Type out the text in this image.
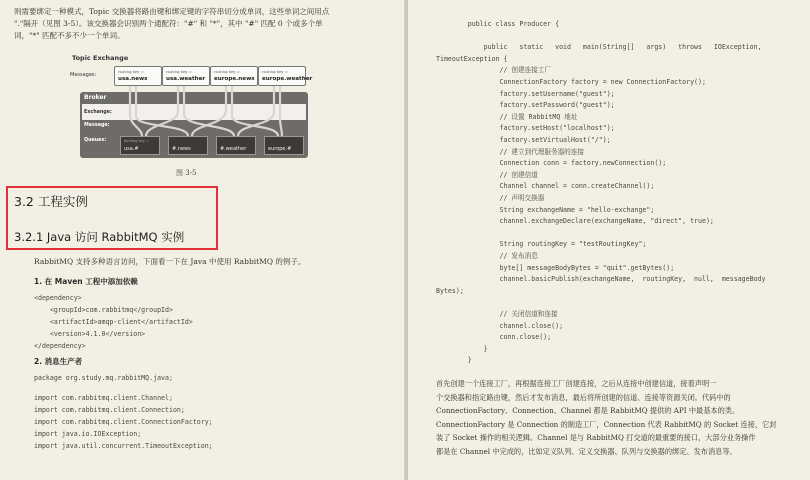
则需要绑定一种模式，Topic 交换器将路由键和绑定键的字符串切分成单词，这些单词之间用点
"."隔开（见图 3-5）。该交换器会识别两个通配符："#" 和 "*"，其中 "#" 匹配 0 个或多个单
词，"*" 匹配不多不少一个单词。
Topic Exchange
Messages:
routing key =
usa.news
routing key =
usa.weather
routing key =
europe.news
routing key =
europe.weather
Broker
Exchange:
Message:
Queues:	binding key =
usa.#	#.news	#.weather	europe.#
图 3-5
3.2 工程实例
3.2.1 Java 访问 RabbitMQ 实例
RabbitMQ 支持多种语言访问，下面看一下在 Java 中使用 RabbitMQ 的例子。
1. 在 Maven 工程中添加依赖
<dependency>
<groupId>com.rabbitmq</groupId>
<artifactId>amqp-client</artifactId>
<version>4.1.0</version>
</dependency>
2. 消息生产者
package org.study.mq.rabbitMQ.java;
import com.rabbitmq.client.Channel;
import com.rabbitmq.client.Connection;
import com.rabbitmq.client.ConnectionFactory;
import java.io.IOException;
import java.util.concurrent.TimeoutException;
public class Producer {
public   static   void   main(String[]   args)   throws   IOException,
TimeoutException {
// 创建连接工厂
ConnectionFactory factory = new ConnectionFactory();
factory.setUsername("guest");
factory.setPassword("guest");
// 设置 RabbitMQ 地址
factory.setHost("localhost");
factory.setVirtualHost("/");
// 建立到代理服务器的连接
Connection conn = factory.newConnection();
// 创建信道
Channel channel = conn.createChannel();
// 声明交换器
String exchangeName = "hello-exchange";
channel.exchangeDeclare(exchangeName, "direct", true);
String routingKey = "testRoutingKey";
// 发布消息
byte[] messageBodyBytes = "quit".getBytes();
channel.basicPublish(exchangeName,  routingKey,  null,  messageBody
Bytes);
// 关闭信道和连接
channel.close();
conn.close();
}
}
首先创建一个连接工厂，再根据连接工厂创建连接，之后从连接中创建信道，接着声明一
个交换器和指定路由键，然后才发布消息，最后将所创建的信道、连接等资源关闭。代码中的
ConnectionFactory、Connection、Channel 都是 RabbitMQ 提供的 API 中最基本的类。
ConnectionFactory 是 Connection 的制造工厂，Connection 代表 RabbitMQ 的 Socket 连接，它封
装了 Socket 操作的相关逻辑。Channel 是与 RabbitMQ 打交道的最重要的接口，大部分业务操作
都是在 Channel 中完成的，比如定义队列、定义交换器、队列与交换器的绑定、发布消息等。
